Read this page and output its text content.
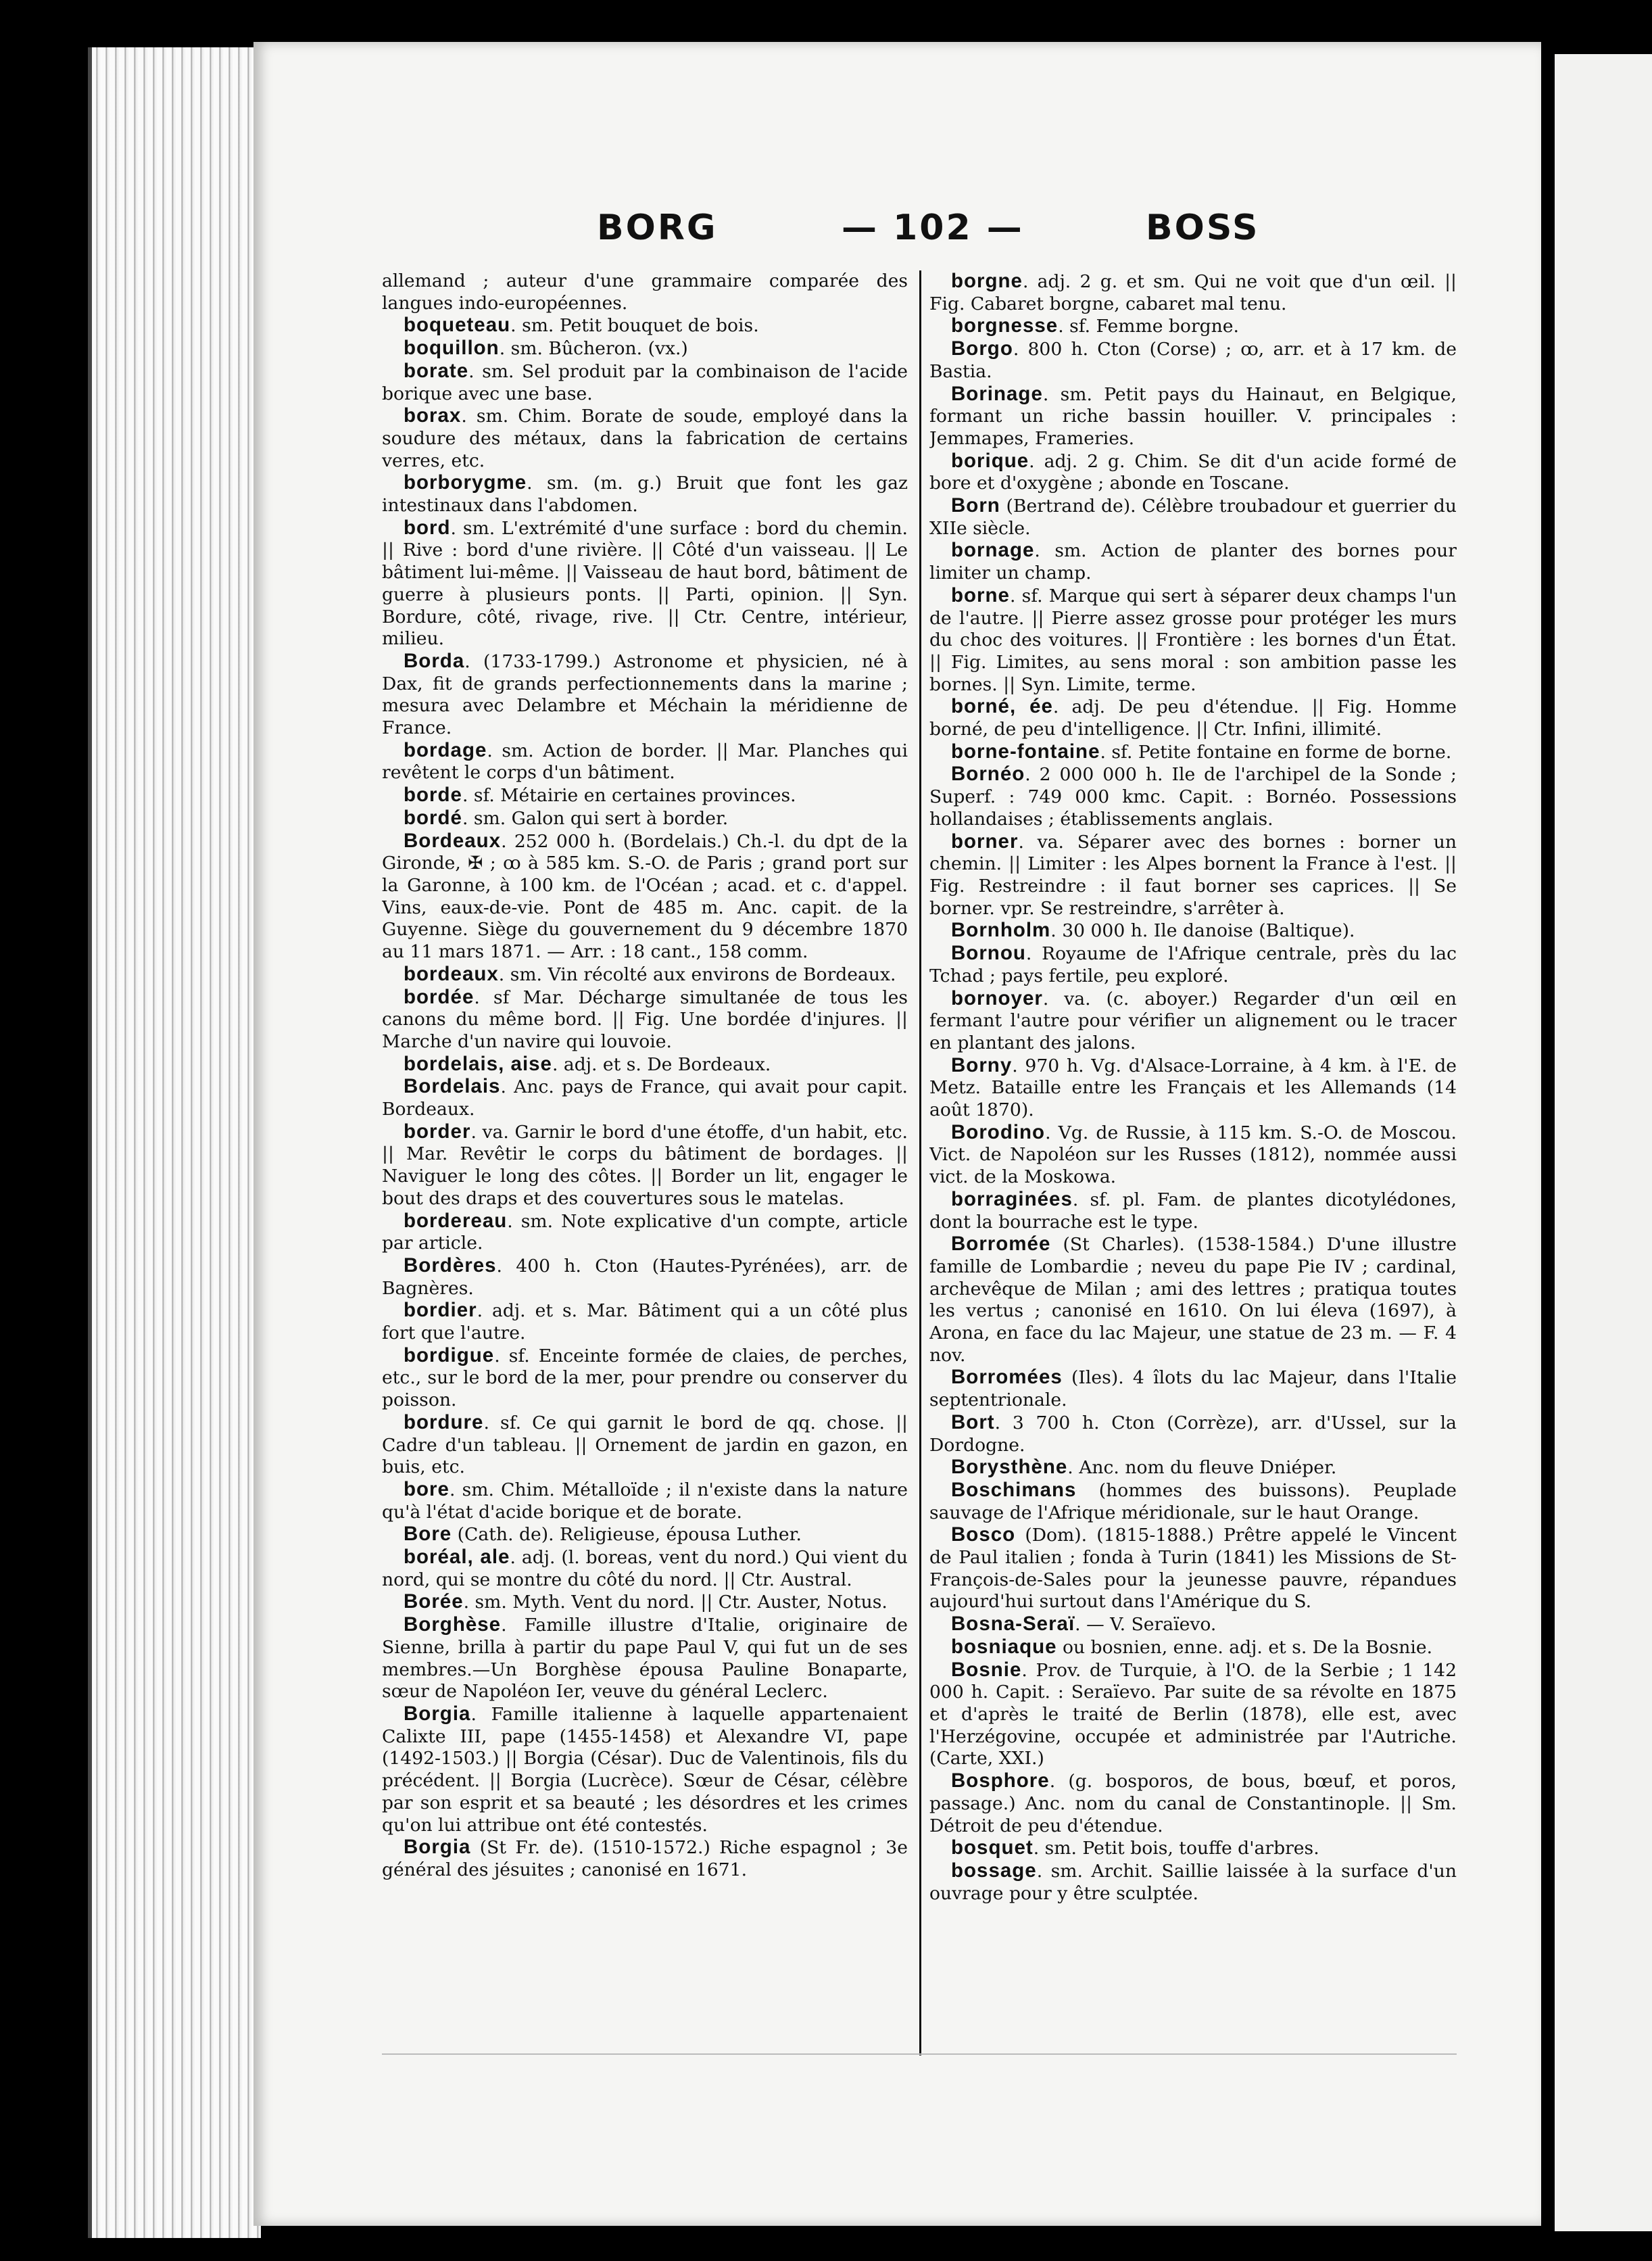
BORG	— 102 —	BOSS

allemand ; auteur d'une grammaire comparée des langues indo-européennes.

boqueteau. sm. Petit bouquet de bois.

boquillon. sm. Bûcheron. (vx.)

borate. sm. Sel produit par la combinaison de l'acide borique avec une base.

borax. sm. Chim. Borate de soude, employé dans la soudure des métaux, dans la fabrication de certains verres, etc.

borborygme. sm. (m. g.) Bruit que font les gaz intestinaux dans l'abdomen.

bord. sm. L'extrémité d'une surface : bord du chemin. || Rive : bord d'une rivière. || Côté d'un vaisseau. || Le bâtiment lui-même. || Vaisseau de haut bord, bâtiment de guerre à plusieurs ponts. || Parti, opinion. || Syn. Bordure, côté, rivage, rive. || Ctr. Centre, intérieur, milieu.

Borda. (1733-1799.) Astronome et physicien, né à Dax, fit de grands perfectionnements dans la marine ; mesura avec Delambre et Méchain la méridienne de France.

bordage. sm. Action de border. || Mar. Planches qui revêtent le corps d'un bâtiment.

borde. sf. Métairie en certaines provinces.

bordé. sm. Galon qui sert à border.

Bordeaux. 252 000 h. (Bordelais.) Ch.-l. du dpt de la Gironde, ✠ ; ꝏ à 585 km. S.-O. de Paris ; grand port sur la Garonne, à 100 km. de l'Océan ; acad. et c. d'appel. Vins, eaux-de-vie. Pont de 485 m. Anc. capit. de la Guyenne. Siège du gouvernement du 9 décembre 1870 au 11 mars 1871. — Arr. : 18 cant., 158 comm.

bordeaux. sm. Vin récolté aux environs de Bordeaux.

bordée. sf Mar. Décharge simultanée de tous les canons du même bord. || Fig. Une bordée d'injures. || Marche d'un navire qui louvoie.

bordelais, aise. adj. et s. De Bordeaux.

Bordelais. Anc. pays de France, qui avait pour capit. Bordeaux.

border. va. Garnir le bord d'une étoffe, d'un habit, etc. || Mar. Revêtir le corps du bâtiment de bordages. || Naviguer le long des côtes. || Border un lit, engager le bout des draps et des couvertures sous le matelas.

bordereau. sm. Note explicative d'un compte, article par article.

Bordères. 400 h. Cton (Hautes-Pyrénées), arr. de Bagnères.

bordier. adj. et s. Mar. Bâtiment qui a un côté plus fort que l'autre.

bordigue. sf. Enceinte formée de claies, de perches, etc., sur le bord de la mer, pour prendre ou conserver du poisson.

bordure. sf. Ce qui garnit le bord de qq. chose. || Cadre d'un tableau. || Ornement de jardin en gazon, en buis, etc.

bore. sm. Chim. Métalloïde ; il n'existe dans la nature qu'à l'état d'acide borique et de borate.

Bore (Cath. de). Religieuse, épousa Luther.

boréal, ale. adj. (l. boreas, vent du nord.) Qui vient du nord, qui se montre du côté du nord. || Ctr. Austral.

Borée. sm. Myth. Vent du nord. || Ctr. Auster, Notus.

Borghèse. Famille illustre d'Italie, originaire de Sienne, brilla à partir du pape Paul V, qui fut un de ses membres.—Un Borghèse épousa Pauline Bonaparte, sœur de Napoléon Ier, veuve du général Leclerc.

Borgia. Famille italienne à laquelle appartenaient Calixte III, pape (1455-1458) et Alexandre VI, pape (1492-1503.) || Borgia (César). Duc de Valentinois, fils du précédent. || Borgia (Lucrèce). Sœur de César, célèbre par son esprit et sa beauté ; les désordres et les crimes qu'on lui attribue ont été contestés.

Borgia (St Fr. de). (1510-1572.) Riche espagnol ; 3e général des jésuites ; canonisé en 1671.

borgne. adj. 2 g. et sm. Qui ne voit que d'un œil. || Fig. Cabaret borgne, cabaret mal tenu.

borgnesse. sf. Femme borgne.

Borgo. 800 h. Cton (Corse) ; ꝏ, arr. et à 17 km. de Bastia.

Borinage. sm. Petit pays du Hainaut, en Belgique, formant un riche bassin houiller. V. principales : Jemmapes, Frameries.

borique. adj. 2 g. Chim. Se dit d'un acide formé de bore et d'oxygène ; abonde en Toscane.

Born (Bertrand de). Célèbre troubadour et guerrier du XIIe siècle.

bornage. sm. Action de planter des bornes pour limiter un champ.

borne. sf. Marque qui sert à séparer deux champs l'un de l'autre. || Pierre assez grosse pour protéger les murs du choc des voitures. || Frontière : les bornes d'un État. || Fig. Limites, au sens moral : son ambition passe les bornes. || Syn. Limite, terme.

borné, ée. adj. De peu d'étendue. || Fig. Homme borné, de peu d'intelligence. || Ctr. Infini, illimité.

borne-fontaine. sf. Petite fontaine en forme de borne.

Bornéo. 2 000 000 h. Ile de l'archipel de la Sonde ; Superf. : 749 000 kmc. Capit. : Bornéo. Possessions hollandaises ; établissements anglais.

borner. va. Séparer avec des bornes : borner un chemin. || Limiter : les Alpes bornent la France à l'est. || Fig. Restreindre : il faut borner ses caprices. || Se borner. vpr. Se restreindre, s'arrêter à.

Bornholm. 30 000 h. Ile danoise (Baltique).

Bornou. Royaume de l'Afrique centrale, près du lac Tchad ; pays fertile, peu exploré.

bornoyer. va. (c. aboyer.) Regarder d'un œil en fermant l'autre pour vérifier un alignement ou le tracer en plantant des jalons.

Borny. 970 h. Vg. d'Alsace-Lorraine, à 4 km. à l'E. de Metz. Bataille entre les Français et les Allemands (14 août 1870).

Borodino. Vg. de Russie, à 115 km. S.-O. de Moscou. Vict. de Napoléon sur les Russes (1812), nommée aussi vict. de la Moskowa.

borraginées. sf. pl. Fam. de plantes dicotylédones, dont la bourrache est le type.

Borromée (St Charles). (1538-1584.) D'une illustre famille de Lombardie ; neveu du pape Pie IV ; cardinal, archevêque de Milan ; ami des lettres ; pratiqua toutes les vertus ; canonisé en 1610. On lui éleva (1697), à Arona, en face du lac Majeur, une statue de 23 m. — F. 4 nov.

Borromées (Iles). 4 îlots du lac Majeur, dans l'Italie septentrionale.

Bort. 3 700 h. Cton (Corrèze), arr. d'Ussel, sur la Dordogne.

Borysthène. Anc. nom du fleuve Dniéper.

Boschimans (hommes des buissons). Peuplade sauvage de l'Afrique méridionale, sur le haut Orange.

Bosco (Dom). (1815-1888.) Prêtre appelé le Vincent de Paul italien ; fonda à Turin (1841) les Missions de St-François-de-Sales pour la jeunesse pauvre, répandues aujourd'hui surtout dans l'Amérique du S.

Bosna-Seraï. — V. Seraïevo.

bosniaque ou bosnien, enne. adj. et s. De la Bosnie.

Bosnie. Prov. de Turquie, à l'O. de la Serbie ; 1 142 000 h. Capit. : Seraïevo. Par suite de sa révolte en 1875 et d'après le traité de Berlin (1878), elle est, avec l'Herzégovine, occupée et administrée par l'Autriche. (Carte, XXI.)

Bosphore. (g. bosporos, de bous, bœuf, et poros, passage.) Anc. nom du canal de Constantinople. || Sm. Détroit de peu d'étendue.

bosquet. sm. Petit bois, touffe d'arbres.

bossage. sm. Archit. Saillie laissée à la surface d'un ouvrage pour y être sculptée.
